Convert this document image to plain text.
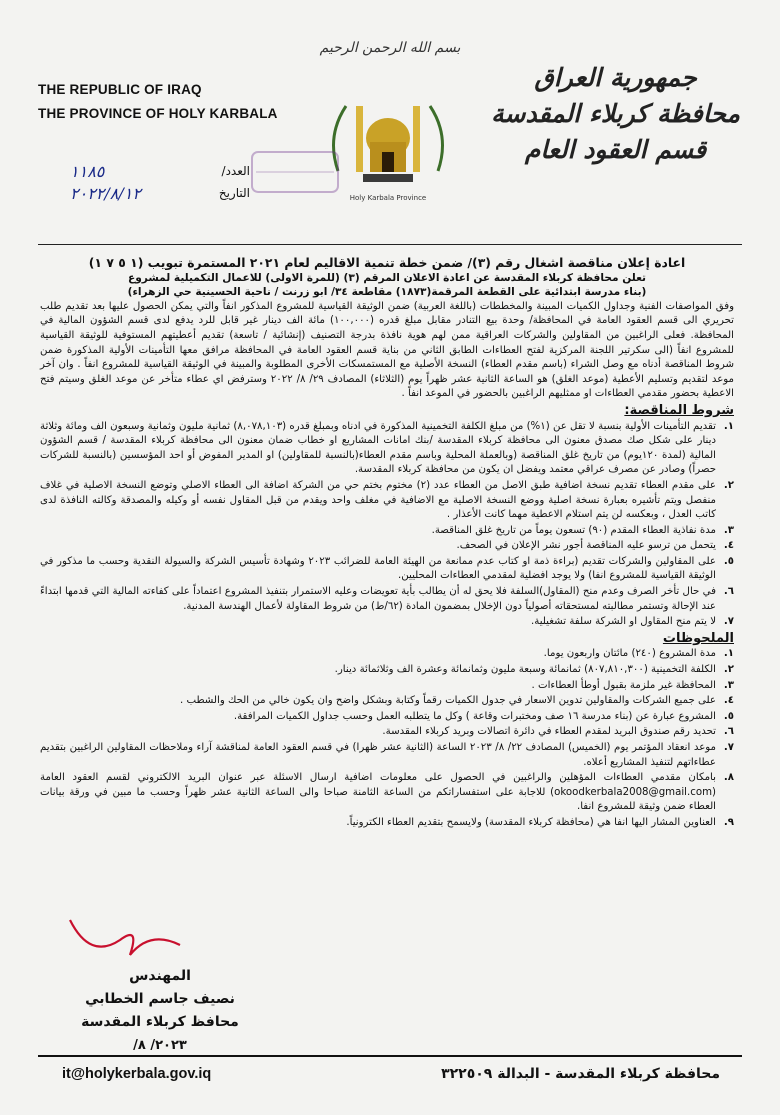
THE REPUBLIC OF IRAQ
THE PROVINCE OF HOLY KARBALA
بسم الله الرحمن الرحيم
Holy Karbala Province
جمهورية العراق
محافظة كربلاء المقدسة
قسم العقود العام
العدد/
١١٨٥
التاريخ
٢٠٢٢/٨/١٢
اعادة إعلان مناقصة اشغال رقم (٣)/ ضمن خطة تنمية الاقاليم لعام ٢٠٢١ المستمرة تبويب (١ ٥ ٧ ١)
تعلن محافظة كربلاء المقدسة عن اعادة الاعلان المرقم (٣) (للمرة الاولى) للاعمال التكميلية لمشروع
(بناء مدرسة ابتدائية على القطعة المرقمة(١٨٧٣) مقاطعة ٣٤/ ابو زرنت / ناحية الحسينية حي الزهراء)
وفق المواصفات الفنية وجداول الكميات المبينة والمخططات (باللغة العربية) ضمن الوثيقة القياسية للمشروع المذكور انفاً والتي يمكن الحصول عليها بعد تقديم طلب تحريري الى قسم العقود العامة في المحافظة/ وحدة بيع التنادر مقابل مبلغ قدره (١٠٠,٠٠٠) مائة الف دينار غير قابل للرد يدفع لدى قسم الشؤون المالية في المحافظة. فعلى الراغبين من المقاولين والشركات العراقية ممن لهم هوية نافذة بدرجة التصنيف (إنشائية / تاسعة) تقديم أعطيتهم المستوفية للوثيقة القياسية للمشروع انفاً (الى سكرتير اللجنة المركزية لفتح العطاءات الطابق الثاني من بناية قسم العقود العامة في المحافظة مرافق معها التأمينات الأولية المذكورة ضمن شروط المناقصة أدناه مع وصل الشراء (باسم مقدم العطاء) النسخة الأصلية مع المستمسكات الأخرى المطلوبة والمبينة في الوثيقة القياسية للمشروع انفاً . وان آخر موعد لتقديم وتسليم الأعطية (موعد الغلق) هو الساعة الثانية عشر ظهراً يوم (الثلاثاء) المصادف ٢٩/ ٨/ ٢٠٢٢ وسترفض اي عطاء متأخر عن موعد الغلق وسيتم فتح الاعطية بحضور مقدمي العطاءات او ممثليهم الراغبين بالحضور في الموعد انفاً .
شروط المناقصة:
١.
تقديم التأمينات الأولية بنسبة لا تقل عن (١%) من مبلغ الكلفة التخمينية المذكورة في ادناه وبمبلغ قدره (٨,٠٧٨,١٠٣) ثمانية مليون وثمانية وسبعون الف ومائة وثلاثة دينار على شكل صك مصدق معنون الى محافظة كربلاء المقدسة /بنك امانات المشاريع او خطاب ضمان معنون الى محافظة كربلاء المقدسة / قسم الشؤون المالية (لمدة ١٢٠يوم) من تاريخ غلق المناقصة (وبالعملة المحلية وباسم مقدم العطاء(بالنسبة للمقاولين) او المدير المفوض أو احد المؤسسين (بالنسبة للشركات حصراً) وصادر عن مصرف عراقي معتمد ويفضل ان يكون من محافظة كربلاء المقدسة.
٢.
على مقدم العطاء تقديم نسخة اضافية طبق الاصل من العطاء عدد (٢) مختوم بختم حي من الشركة اضافة الى العطاء الاصلي وتوضع النسخة الاصلية في غلاف منفصل ويتم تأشيره بعبارة نسخة اصلية ووضع النسخة الاصلية مع الاضافية في مغلف واحد ويقدم من قبل المقاول نفسه أو وكيله والمصدقة وكالته النافذة لدى كاتب العدل ، وبعكسه لن يتم استلام الاعطية مهما كانت الأعذار .
٣.
مدة نفاذية العطاء المقدم (٩٠) تسعون يوماً من تاريخ غلق المناقصة.
٤.
يتحمل من ترسو عليه المناقصة أجور نشر الإعلان في الصحف.
٥.
على المقاولين والشركات تقديم (براءة ذمة او كتاب عدم ممانعة من الهيئة العامة للضرائب ٢٠٢٣ وشهادة تأسيس الشركة والسيولة النقدية وحسب ما مذكور في الوثيقة القياسية للمشروع انفا) ولا يوجد افضلية لمقدمي العطاءات المحليين.
٦.
في حال تأخر الصرف وعدم منح (المقاول)السلفة فلا يحق له أن يطالب بأية تعويضات وعليه الاستمرار بتنفيذ المشروع اعتماداً على كفاءته المالية التي قدمها ابتداءً عند الإحالة وتستمر مطالبته لمستحقاته أصولياً دون الإخلال بمضمون المادة (٦٢/ط) من شروط المقاولة لأعمال الهندسة المدنية.
٧.
لا يتم منح المقاول او الشركة سلفة تشغيلية.
الملحوظات
١.
مدة المشروع (٢٤٠) مائتان واربعون يوما.
٢.
الكلفة التخمينية (٨٠٧,٨١٠,٣٠٠) ثمانمائة وسبعة مليون وثمانمائة وعشرة الف وثلاثمائة دينار.
٣.
المحافظة غير ملزمة بقبول أوطأ العطاءات .
٤.
على جميع الشركات والمقاولين تدوين الاسعار في جدول الكميات رقماً وكتابة وبشكل واضح وان يكون خالي من الحك والشطب .
٥.
المشروع عبارة عن (بناء مدرسة ١٦ صف ومختبرات وقاعة ) وكل ما يتطلبه العمل وحسب جداول الكميات المرافقة.
٦.
تحديد رقم صندوق البريد لمقدم العطاء في دائرة اتصالات وبريد كربلاء المقدسة.
٧.
موعد انعقاد المؤتمر يوم (الخميس) المصادف ٢٢/ ٨/ ٢٠٢٣ الساعة (الثانية عشر ظهرا) في قسم العقود العامة لمناقشة آراء وملاحظات المقاولين الراغبين بتقديم عطاءاتهم لتنفيذ المشاريع أعلاه.
٨.
بامكان مقدمي العطاءات المؤهلين والراغبين في الحصول على معلومات اضافية ارسال الاسئلة عبر عنوان البريد الالكتروني لقسم العقود العامة (okoodkerbala2008@gmail.com) للاجابة على استفساراتكم من الساعة الثامنة صباحا والى الساعة الثانية عشر ظهراً وحسب ما مبين في ورقة بيانات العطاء ضمن وثيقة للمشروع انفا.
٩.
العناوين المشار اليها انفا هي (محافظة كربلاء المقدسة) ولايسمح بتقديم العطاء الكترونياً.
المهندس
نصيف جاسم الخطابي
محافظ كربلاء المقدسة
٢٠٢٣/ ٨/
it@holykerbala.gov.iq	محافظة كربلاء المقدسة - البدالة ٣٢٢٥٠٩
